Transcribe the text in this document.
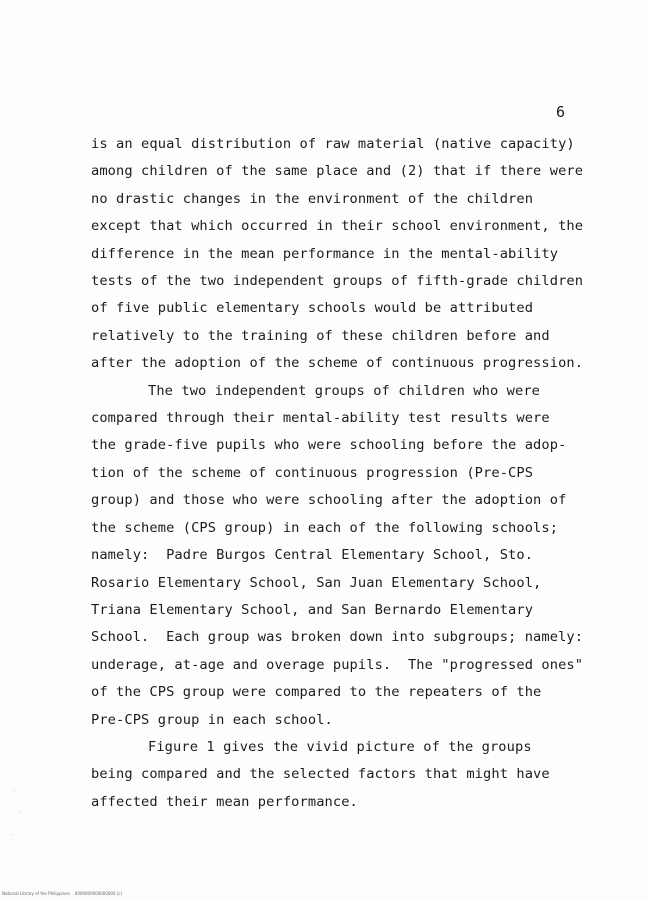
6
is an equal distribution of raw material (native capacity)
among children of the same place and (2) that if there were
no drastic changes in the environment of the children
except that which occurred in their school environment, the
difference in the mean performance in the mental-ability
tests of the two independent groups of fifth-grade children
of five public elementary schools would be attributed
relatively to the training of these children before and
after the adoption of the scheme of continuous progression.
The two independent groups of children who were
compared through their mental-ability test results were
the grade-five pupils who were schooling before the adop-
tion of the scheme of continuous progression (Pre-CPS
group) and those who were schooling after the adoption of
the scheme (CPS group) in each of the following schools;
namely:  Padre Burgos Central Elementary School, Sto.
Rosario Elementary School, San Juan Elementary School,
Triana Elementary School, and San Bernardo Elementary
School.  Each group was broken down into subgroups; namely:
underage, at-age and overage pupils.  The "progressed ones"
of the CPS group were compared to the repeaters of the
Pre-CPS group in each school.
Figure 1 gives the vivid picture of the groups
being compared and the selected factors that might have
affected their mean performance.
National Library of the Philippines    0000000000000000 (c)
